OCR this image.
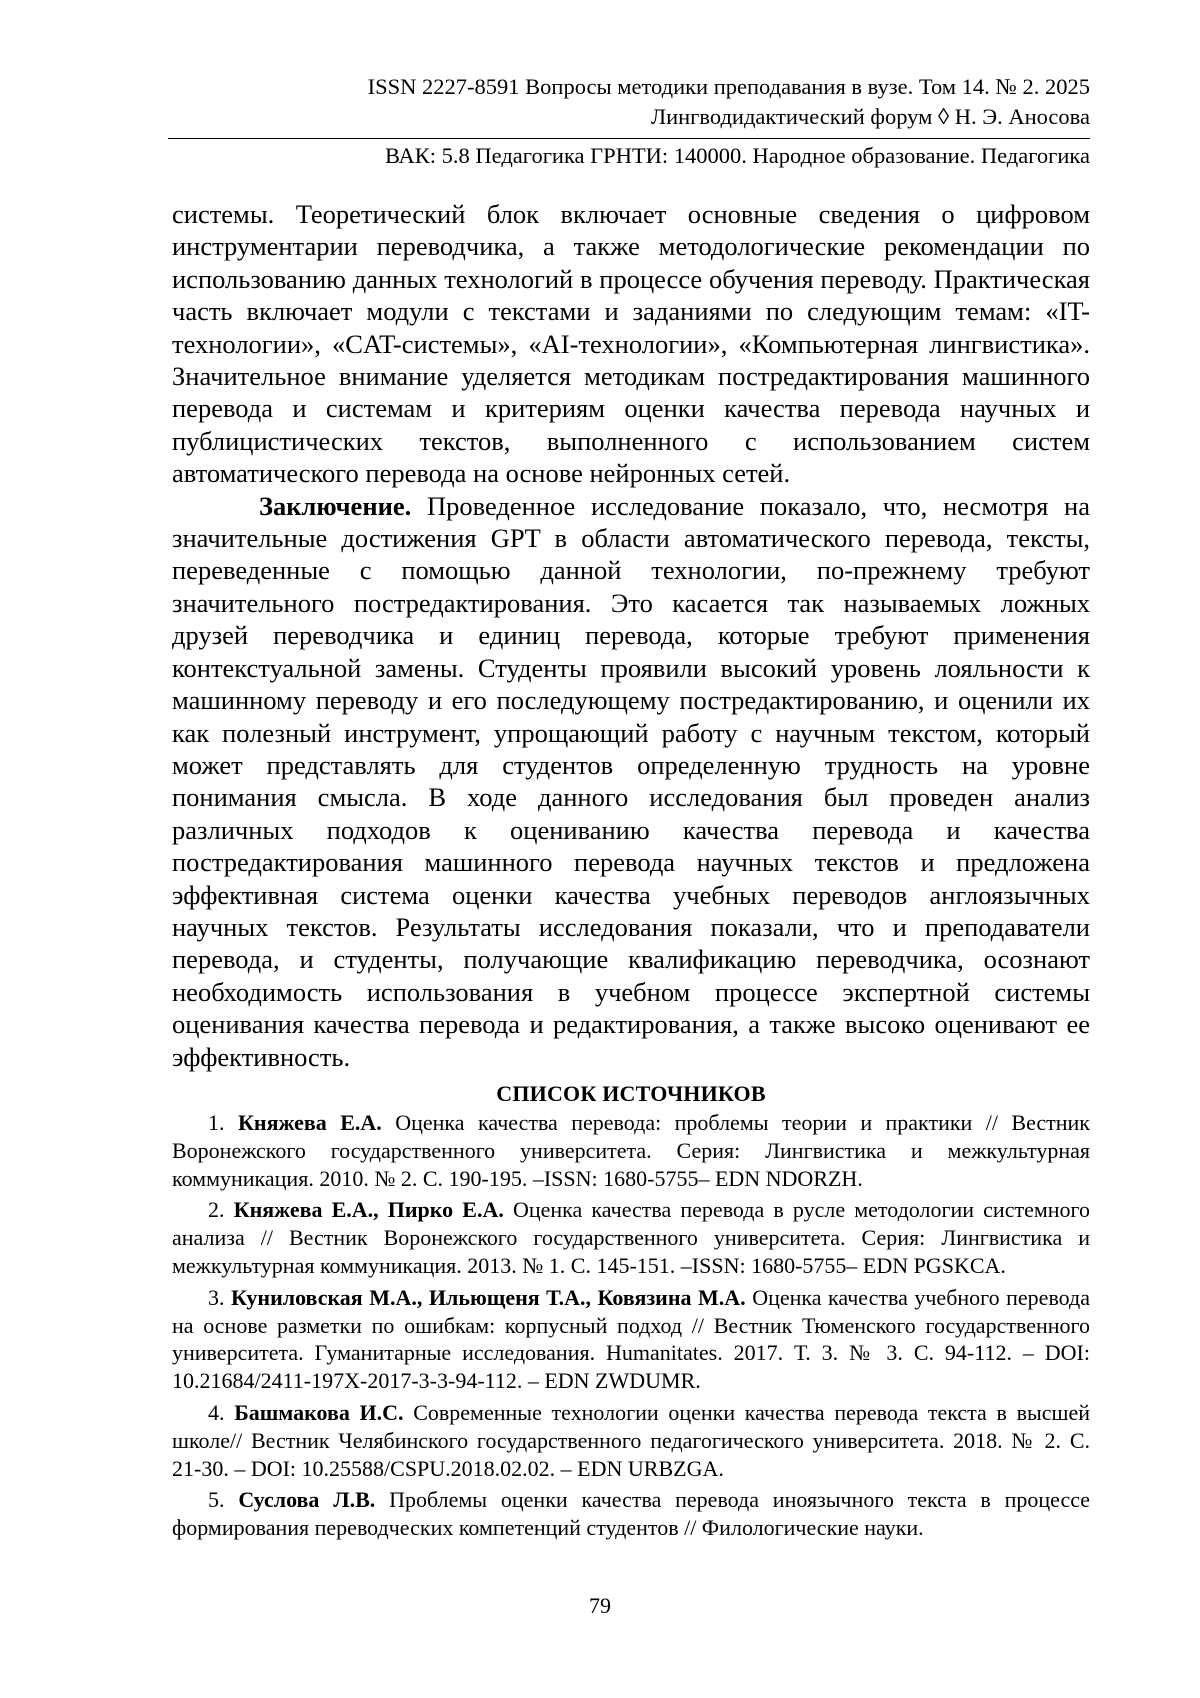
ISSN 2227-8591 Вопросы методики преподавания в вузе. Том 14. № 2. 2025
Лингводидактический форум ◊ Н. Э. Аносова
ВАК: 5.8 Педагогика ГРНТИ: 140000. Народное образование. Педагогика

системы. Теоретический блок включает основные сведения о цифровом инструментарии переводчика, а также методологические рекомендации по использованию данных технологий в процессе обучения переводу. Практическая часть включает модули с текстами и заданиями по следующим темам: «IT-технологии», «CAT-системы», «AI-технологии», «Компьютерная лингвистика». Значительное внимание уделяется методикам постредактирования машинного перевода и системам и критериям оценки качества перевода научных и публицистических текстов, выполненного с использованием систем автоматического перевода на основе нейронных сетей.

Заключение. Проведенное исследование показало, что, несмотря на значительные достижения GPT в области автоматического перевода, тексты, переведенные с помощью данной технологии, по-прежнему требуют значительного постредактирования. Это касается так называемых ложных друзей переводчика и единиц перевода, которые требуют применения контекстуальной замены. Студенты проявили высокий уровень лояльности к машинному переводу и его последующему постредактированию, и оценили их как полезный инструмент, упрощающий работу с научным текстом, который может представлять для студентов определенную трудность на уровне понимания смысла. В ходе данного исследования был проведен анализ различных подходов к оцениванию качества перевода и качества постредактирования машинного перевода научных текстов и предложена эффективная система оценки качества учебных переводов англоязычных научных текстов. Результаты исследования показали, что и преподаватели перевода, и студенты, получающие квалификацию переводчика, осознают необходимость использования в учебном процессе экспертной системы оценивания качества перевода и редактирования, а также высоко оценивают ее эффективность.

СПИСОК ИСТОЧНИКОВ
1. Княжева Е.А. Оценка качества перевода: проблемы теории и практики // Вестник Воронежского государственного университета. Серия: Лингвистика и межкультурная коммуникация. 2010. № 2. С. 190-195. –ISSN: 1680-5755– EDN NDORZH.
2. Княжева Е.А., Пирко Е.А. Оценка качества перевода в русле методологии системного анализа // Вестник Воронежского государственного университета. Серия: Лингвистика и межкультурная коммуникация. 2013. № 1. С. 145-151. –ISSN: 1680-5755– EDN PGSKCA.
3. Куниловская М.А., Ильющеня Т.А., Ковязина М.А. Оценка качества учебного перевода на основе разметки по ошибкам: корпусный подход // Вестник Тюменского государственного университета. Гуманитарные исследования. Humanitates. 2017. Т. 3. № 3. С. 94-112. – DOI: 10.21684/2411-197X-2017-3-3-94-112. – EDN ZWDUMR.
4. Башмакова И.С. Современные технологии оценки качества перевода текста в высшей школе// Вестник Челябинского государственного педагогического университета. 2018. № 2. С. 21-30. – DOI: 10.25588/CSPU.2018.02.02. – EDN URBZGA.
5. Суслова Л.В. Проблемы оценки качества перевода иноязычного текста в процессе формирования переводческих компетенций студентов // Филологические науки.
79
